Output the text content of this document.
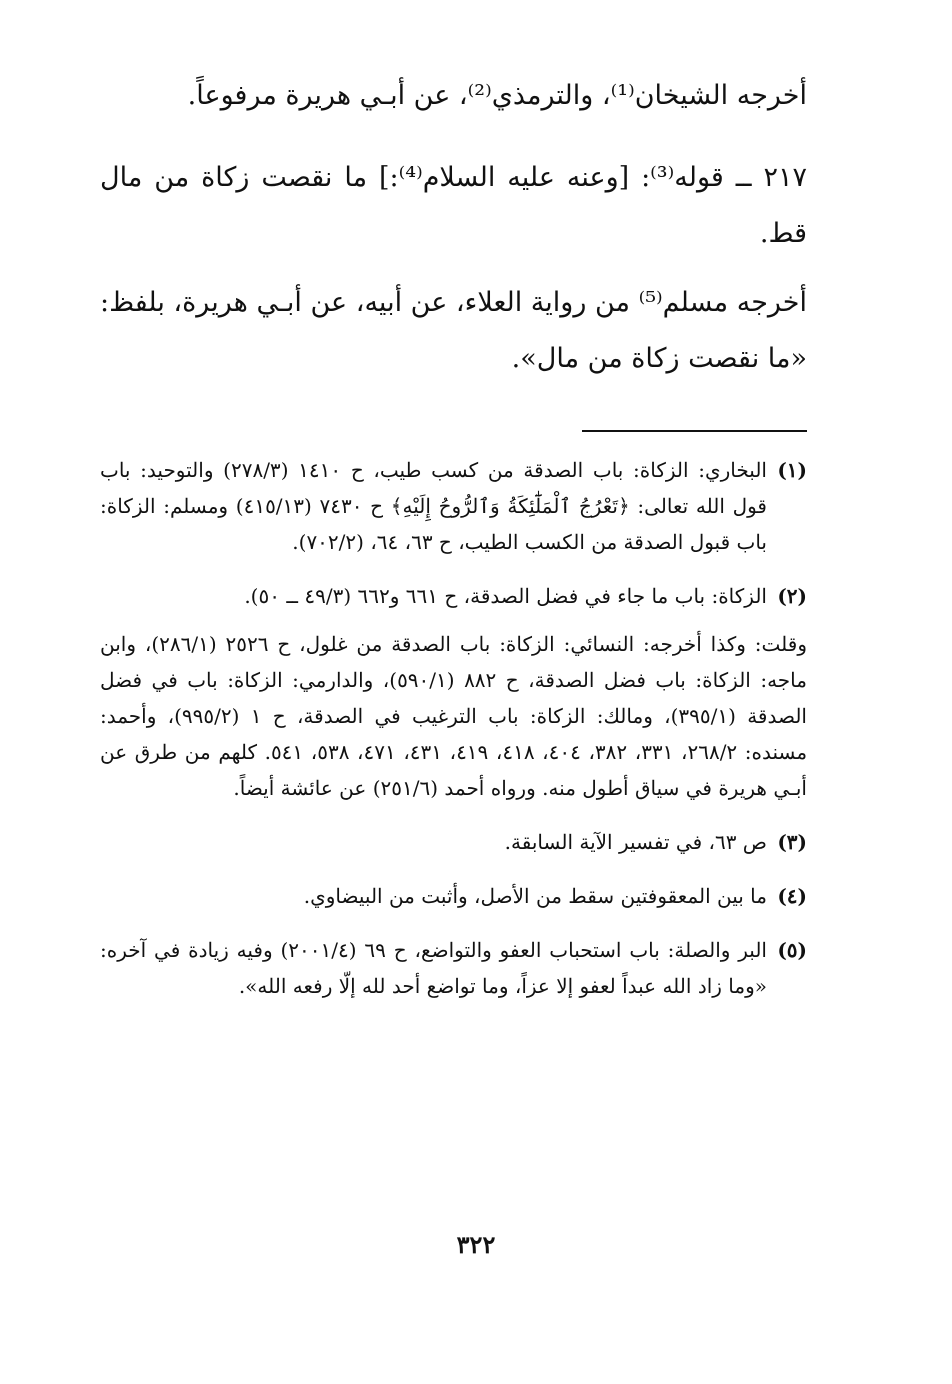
أخرجه الشيخان⁽¹⁾، والترمذي⁽²⁾، عن أبـي هريرة مرفوعاً.

٢١٧ ــ قوله⁽³⁾: [وعنه عليه السلام⁽⁴⁾:] ما نقصت زكاة من مال قط.

أخرجه مسلم⁽⁵⁾ من رواية العلاء، عن أبيه، عن أبـي هريرة، بلفظ: «ما نقصت زكاة من مال».

(١)
البخاري: الزكاة: باب الصدقة من كسب طيب، ح ١٤١٠ (٢٧٨/٣) والتوحيد: باب قول الله تعالى: ﴿تَعْرُجُ ٱلْمَلَٰٓئِكَةُ وَٱلرُّوحُ إِلَيْهِ﴾ ح ٧٤٣٠ (٤١٥/١٣) ومسلم: الزكاة: باب قبول الصدقة من الكسب الطيب، ح ٦٣، ٦٤، (٧٠٢/٢).
(٢)
الزكاة: باب ما جاء في فضل الصدقة، ح ٦٦١ و٦٦٢ (٤٩/٣ ــ ٥٠).
وقلت: وكذا أخرجه: النسائي: الزكاة: باب الصدقة من غلول، ح ٢٥٢٦ (٢٨٦/١)، وابن ماجه: الزكاة: باب فضل الصدقة، ح ٨٨٢ (٥٩٠/١)، والدارمي: الزكاة: باب في فضل الصدقة (٣٩٥/١)، ومالك: الزكاة: باب الترغيب في الصدقة، ح ١ (٩٩٥/٢)، وأحمد: مسنده: ٢٦٨/٢، ٣٣١، ٣٨٢، ٤٠٤، ٤١٨، ٤١٩، ٤٣١، ٤٧١، ٥٣٨، ٥٤١. كلهم من طرق عن أبـي هريرة في سياق أطول منه. ورواه أحمد (٢٥١/٦) عن عائشة أيضاً.
(٣)
ص ٦٣، في تفسير الآية السابقة.
(٤)
ما بين المعقوفتين سقط من الأصل، وأثبت من البيضاوي.
(٥)
البر والصلة: باب استحباب العفو والتواضع، ح ٦٩ (٢٠٠١/٤) وفيه زيادة في آخره: «وما زاد الله عبداً لعفو إلا عزاً، وما تواضع أحد لله إلّا رفعه الله».
٣٢٢
